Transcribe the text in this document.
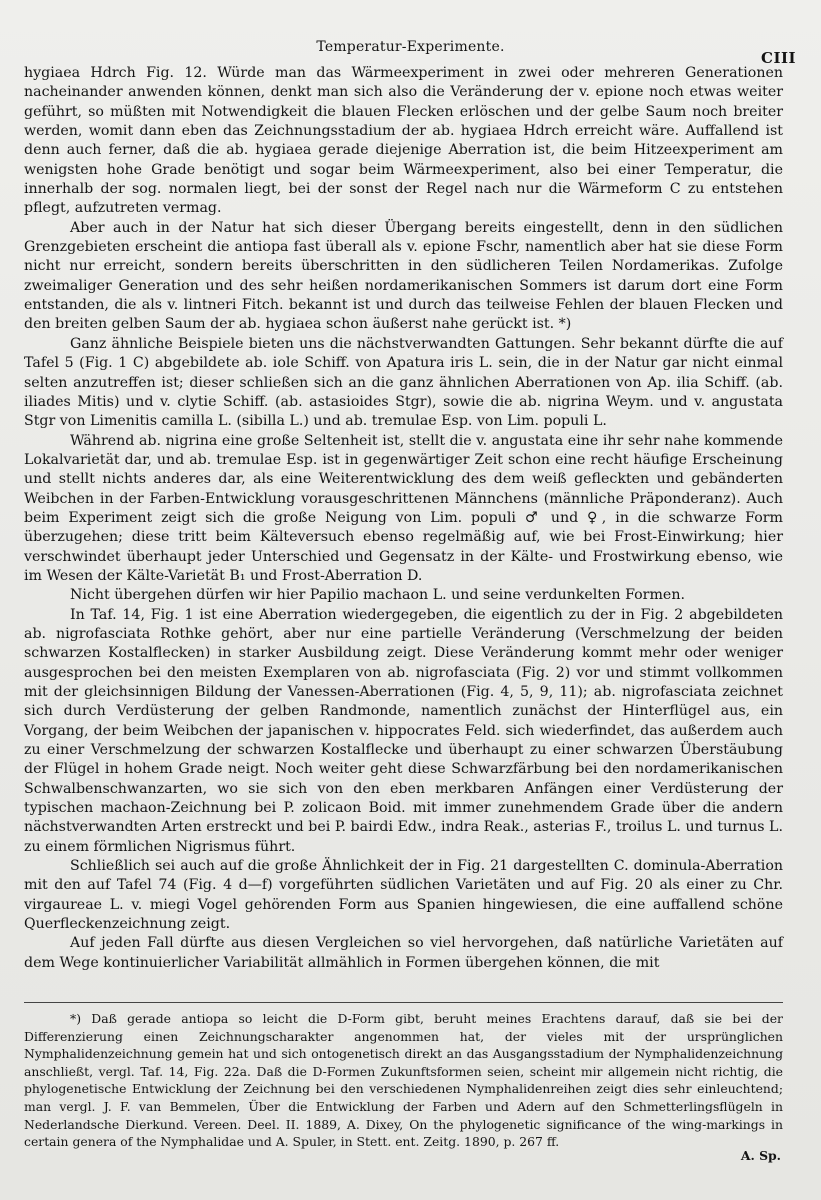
Temperatur-Experimente.
CIII

hygiaea Hdrch Fig. 12. Würde man das Wärmeexperiment in zwei oder mehreren Generationen nacheinander anwenden können, denkt man sich also die Veränderung der v. epione noch etwas weiter geführt, so müßten mit Notwendigkeit die blauen Flecken erlöschen und der gelbe Saum noch breiter werden, womit dann eben das Zeichnungsstadium der ab. hygiaea Hdrch erreicht wäre. Auffallend ist denn auch ferner, daß die ab. hygiaea gerade diejenige Aberration ist, die beim Hitzeexperiment am wenigsten hohe Grade benötigt und sogar beim Wärmeexperiment, also bei einer Temperatur, die innerhalb der sog. normalen liegt, bei der sonst der Regel nach nur die Wärmeform C zu entstehen pflegt, aufzutreten vermag.

Aber auch in der Natur hat sich dieser Übergang bereits eingestellt, denn in den südlichen Grenzgebieten erscheint die antiopa fast überall als v. epione Fschr, namentlich aber hat sie diese Form nicht nur erreicht, sondern bereits überschritten in den südlicheren Teilen Nordamerikas. Zufolge zweimaliger Generation und des sehr heißen nordamerikanischen Sommers ist darum dort eine Form entstanden, die als v. lintneri Fitch. bekannt ist und durch das teilweise Fehlen der blauen Flecken und den breiten gelben Saum der ab. hygiaea schon äußerst nahe gerückt ist. *)

Ganz ähnliche Beispiele bieten uns die nächstverwandten Gattungen. Sehr bekannt dürfte die auf Tafel 5 (Fig. 1 C) abgebildete ab. iole Schiff. von Apatura iris L. sein, die in der Natur gar nicht einmal selten anzutreffen ist; dieser schließen sich an die ganz ähnlichen Aberrationen von Ap. ilia Schiff. (ab. iliades Mitis) und v. clytie Schiff. (ab. astasioides Stgr), sowie die ab. nigrina Weym. und v. angustata Stgr von Limenitis camilla L. (sibilla L.) und ab. tremulae Esp. von Lim. populi L.

Während ab. nigrina eine große Seltenheit ist, stellt die v. angustata eine ihr sehr nahe kommende Lokalvarietät dar, und ab. tremulae Esp. ist in gegenwärtiger Zeit schon eine recht häufige Erscheinung und stellt nichts anderes dar, als eine Weiterentwicklung des dem weiß gefleckten und gebänderten Weibchen in der Farben-Entwicklung vorausgeschrittenen Männchens (männliche Präponderanz). Auch beim Experiment zeigt sich die große Neigung von Lim. populi ♂ und ♀, in die schwarze Form überzugehen; diese tritt beim Kälteversuch ebenso regelmäßig auf, wie bei Frost-Einwirkung; hier verschwindet überhaupt jeder Unterschied und Gegensatz in der Kälte- und Frostwirkung ebenso, wie im Wesen der Kälte-Varietät B₁ und Frost-Aberration D.

Nicht übergehen dürfen wir hier Papilio machaon L. und seine verdunkelten Formen.

In Taf. 14, Fig. 1 ist eine Aberration wiedergegeben, die eigentlich zu der in Fig. 2 abgebildeten ab. nigrofasciata Rothke gehört, aber nur eine partielle Veränderung (Verschmelzung der beiden schwarzen Kostalflecken) in starker Ausbildung zeigt. Diese Veränderung kommt mehr oder weniger ausgesprochen bei den meisten Exemplaren von ab. nigrofasciata (Fig. 2) vor und stimmt vollkommen mit der gleichsinnigen Bildung der Vanessen-Aberrationen (Fig. 4, 5, 9, 11); ab. nigrofasciata zeichnet sich durch Verdüsterung der gelben Randmonde, namentlich zunächst der Hinterflügel aus, ein Vorgang, der beim Weibchen der japanischen v. hippocrates Feld. sich wiederfindet, das außerdem auch zu einer Verschmelzung der schwarzen Kostalflecke und überhaupt zu einer schwarzen Überstäubung der Flügel in hohem Grade neigt. Noch weiter geht diese Schwarzfärbung bei den nordamerikanischen Schwalbenschwanzarten, wo sie sich von den eben merkbaren Anfängen einer Verdüsterung der typischen machaon-Zeichnung bei P. zolicaon Boid. mit immer zunehmendem Grade über die andern nächstverwandten Arten erstreckt und bei P. bairdi Edw., indra Reak., asterias F., troilus L. und turnus L. zu einem förmlichen Nigrismus führt.

Schließlich sei auch auf die große Ähnlichkeit der in Fig. 21 dargestellten C. dominula-Aberration mit den auf Tafel 74 (Fig. 4 d—f) vorgeführten südlichen Varietäten und auf Fig. 20 als einer zu Chr. virgaureae L. v. miegi Vogel gehörenden Form aus Spanien hingewiesen, die eine auffallend schöne Querfleckenzeichnung zeigt.

Auf jeden Fall dürfte aus diesen Vergleichen so viel hervorgehen, daß natürliche Varietäten auf dem Wege kontinuierlicher Variabilität allmählich in Formen übergehen können, die mit

*) Daß gerade antiopa so leicht die D-Form gibt, beruht meines Erachtens darauf, daß sie bei der Differenzierung einen Zeichnungscharakter angenommen hat, der vieles mit der ursprünglichen Nymphalidenzeichnung gemein hat und sich ontogenetisch direkt an das Ausgangsstadium der Nymphalidenzeichnung anschließt, vergl. Taf. 14, Fig. 22a. Daß die D-Formen Zukunftsformen seien, scheint mir allgemein nicht richtig, die phylogenetische Entwicklung der Zeichnung bei den verschiedenen Nymphalidenreihen zeigt dies sehr einleuchtend; man vergl. J. F. van Bemmelen, Über die Entwicklung der Farben und Adern auf den Schmetterlingsflügeln in Nederlandsche Dierkund. Vereen. Deel. II. 1889, A. Dixey, On the phylogenetic significance of the wing-markings in certain genera of the Nymphalidae und A. Spuler, in Stett. ent. Zeitg. 1890, p. 267 ff.

A. Sp.
